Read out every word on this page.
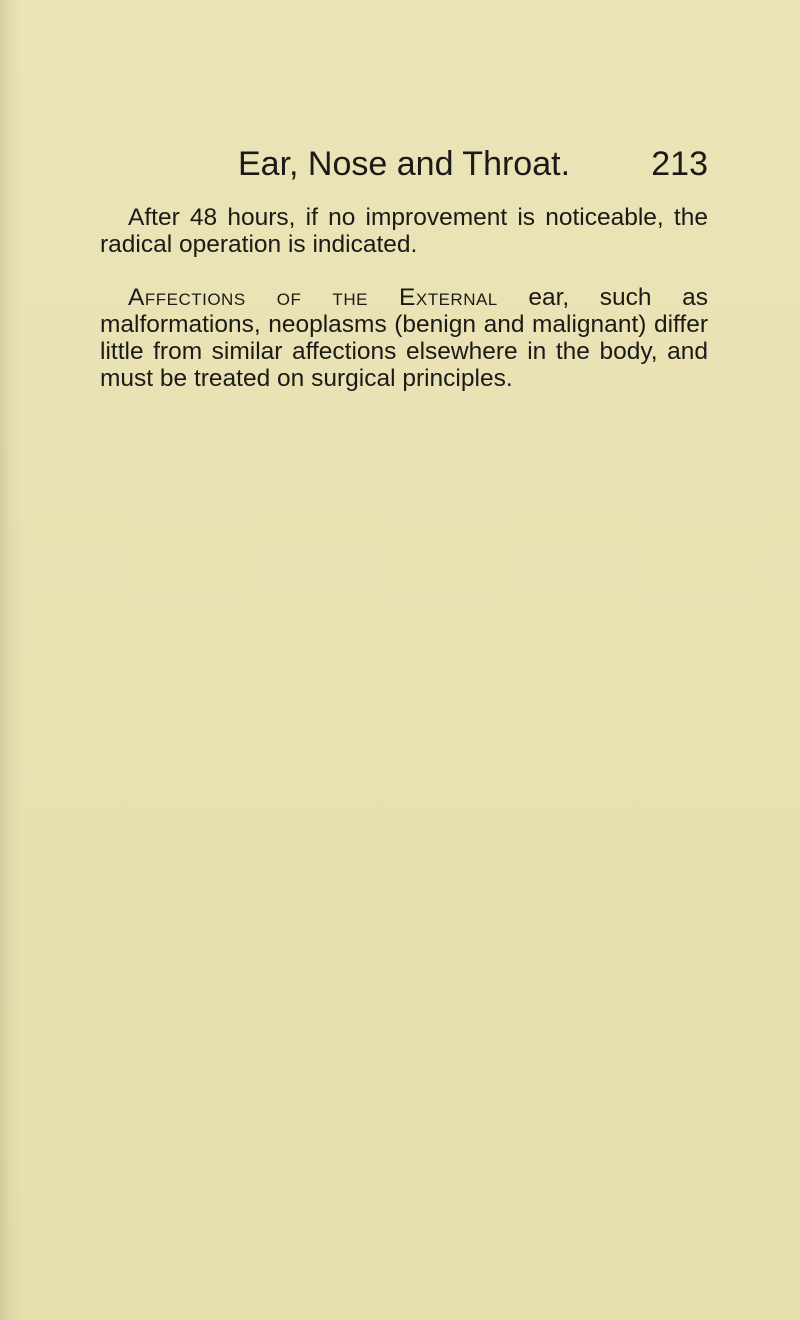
Ear, Nose and Throat. 213

After 48 hours, if no improvement is noticeable, the radical operation is indicated.

Affections of the External ear, such as malformations, neoplasms (benign and malignant) differ little from similar affections elsewhere in the body, and must be treated on surgical principles.
